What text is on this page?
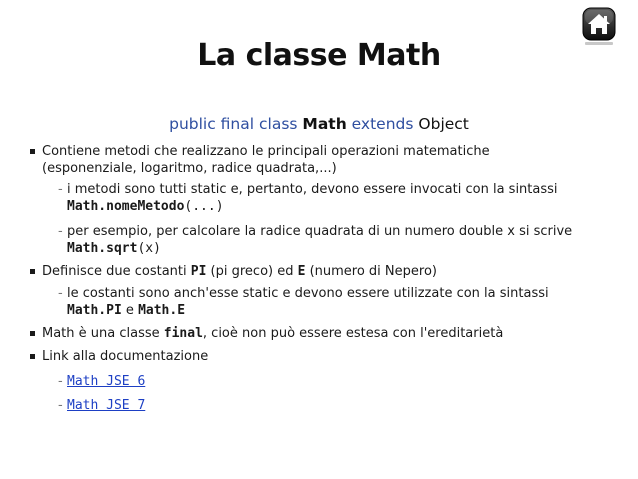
La classe Math
public final class Math extends Object
Contiene metodi che realizzano le principali operazioni matematiche
(esponenziale, logaritmo, radice quadrata,...)
- i metodi sono tutti static e, pertanto, devono essere invocati con la sintassi
Math.nomeMetodo(...)
- per esempio, per calcolare la radice quadrata di un numero double x si scrive
Math.sqrt(x)
Definisce due costanti PI (pi greco) ed E (numero di Nepero)
- le costanti sono anch'esse static e devono essere utilizzate con la sintassi
Math.PI e Math.E
Math è una classe final, cioè non può essere estesa con l'ereditarietà
Link alla documentazione
- Math JSE 6
- Math JSE 7
